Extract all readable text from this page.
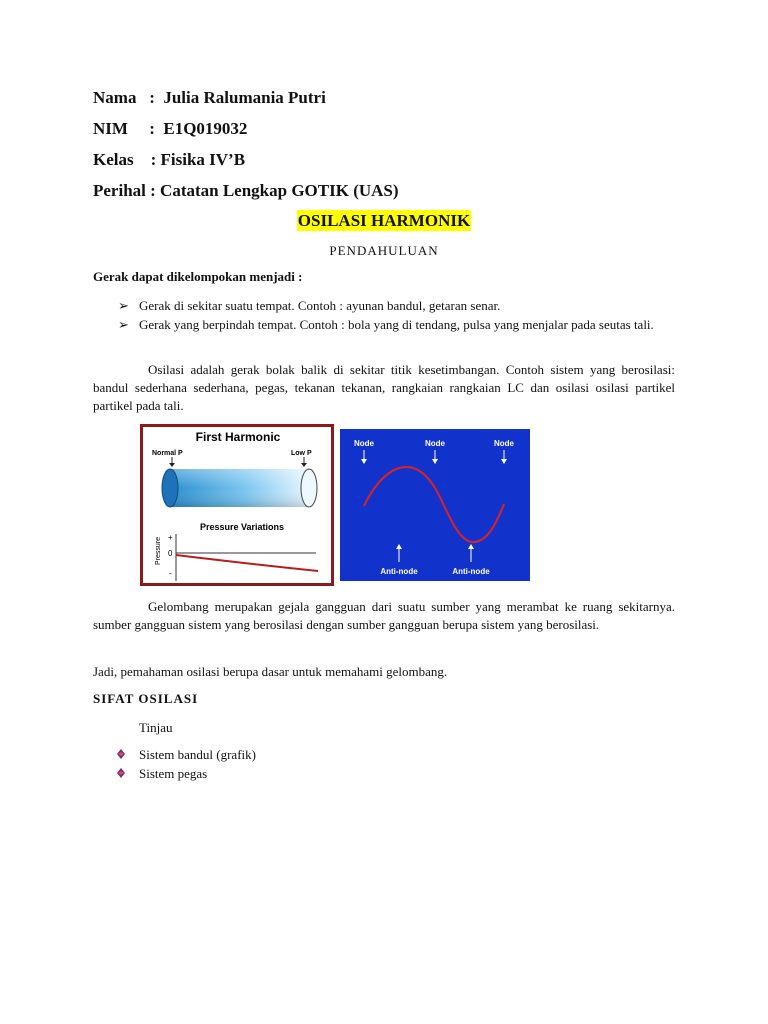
Nama   :  Julia Ralumania Putri
NIM     :  E1Q019032
Kelas    : Fisika IV’B
Perihal : Catatan Lengkap GOTIK (UAS)
OSILASI HARMONIK
PENDAHULUAN
Gerak dapat dikelompokan menjadi :
➢ Gerak di sekitar suatu tempat. Contoh : ayunan bandul, getaran senar.
➢ Gerak yang berpindah tempat. Contoh : bola yang di tendang, pulsa yang menjalar pada seutas tali.
Osilasi adalah gerak bolak balik di sekitar titik kesetimbangan. Contoh sistem yang berosilasi: bandul sederhana sederhana, pegas, tekanan tekanan, rangkaian rangkaian LC dan osilasi osilasi partikel partikel pada tali.
First Harmonic
Normal P	Low P
Pressure Variations
Pressure +
0
-
Node	Node	Node
Anti-node	Anti-node
Gelombang merupakan gejala gangguan dari suatu sumber yang merambat ke ruang sekitarnya. sumber gangguan sistem yang berosilasi dengan sumber gangguan berupa sistem yang berosilasi.
Jadi, pemahaman osilasi berupa dasar untuk memahami gelombang.
SIFAT OSILASI
Tinjau
Sistem bandul (grafik)
Sistem pegas
